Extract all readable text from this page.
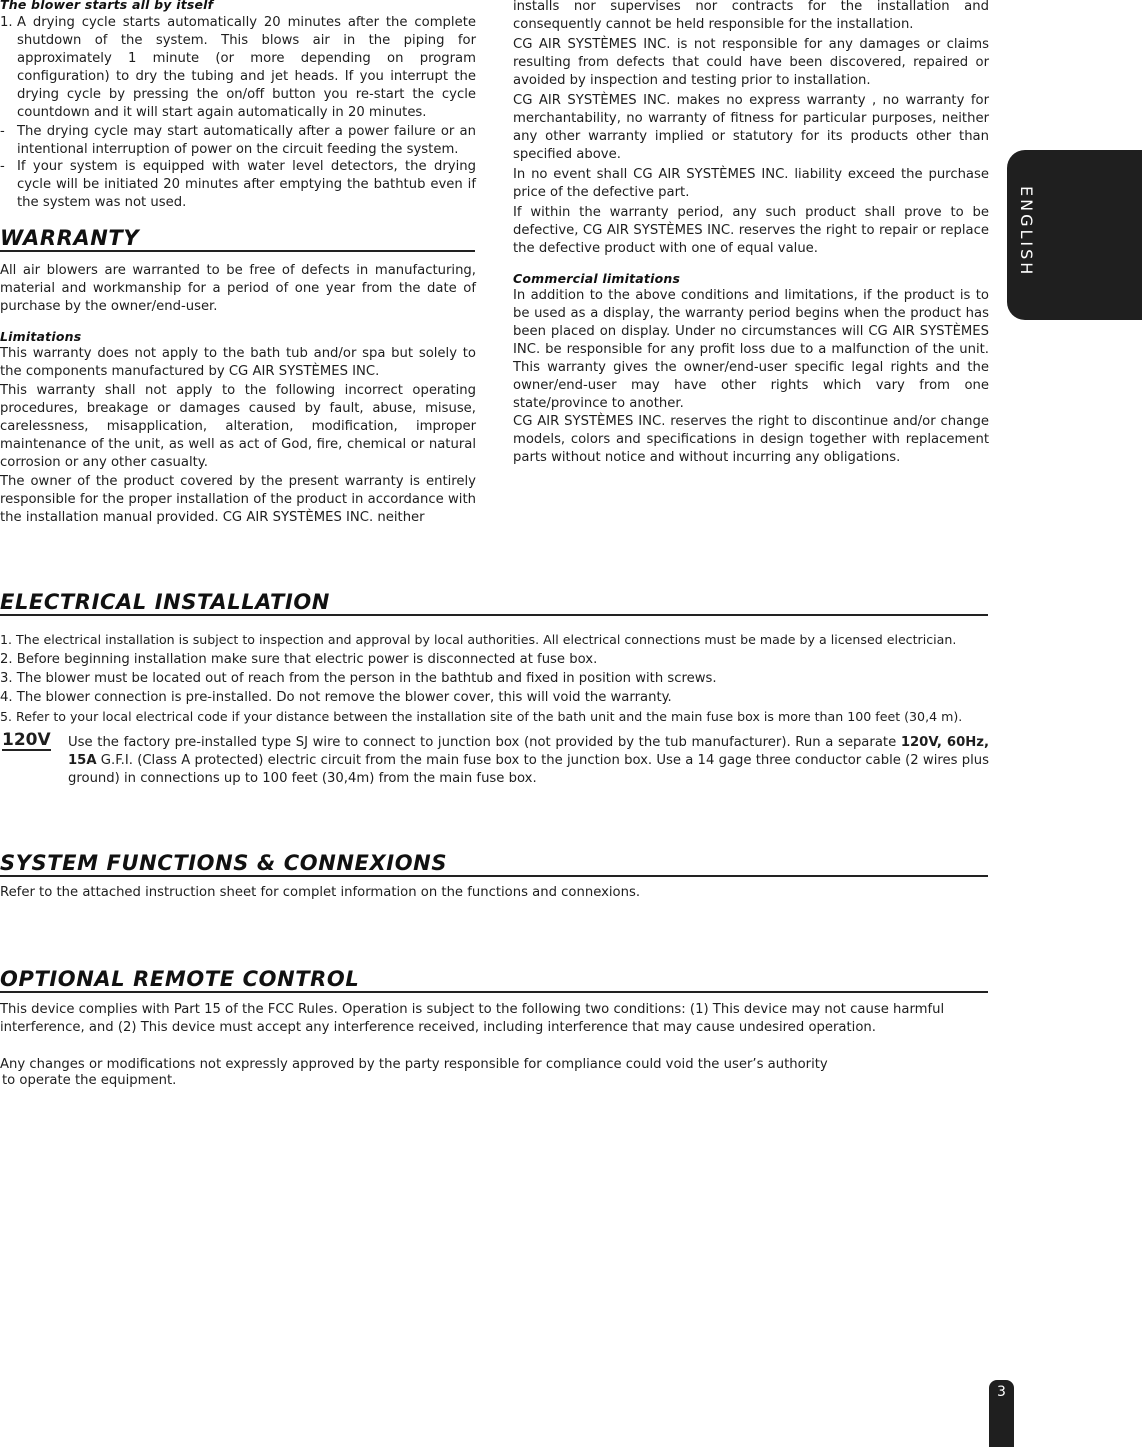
The blower starts all by itself
1. A drying cycle starts automatically 20 minutes after the complete shutdown of the system. This blows air in the piping for approximately 1 minute (or more depending on program configuration) to dry the tubing and jet heads. If you interrupt the drying cycle by pressing the on/off button you re-start the cycle countdown and it will start again automatically in 20 minutes.
- The drying cycle may start automatically after a power failure or an intentional interruption of power on the circuit feeding the system.
- If your system is equipped with water level detectors, the drying cycle will be initiated 20 minutes after emptying the bathtub even if the system was not used.
WARRANTY

All air blowers are warranted to be free of defects in manufacturing, material and workmanship for a period of one year from the date of purchase by the owner/end-user.

Limitations

This warranty does not apply to the bath tub and/or spa but solely to the components manufactured by CG AIR SYSTÈMES INC.

This warranty shall not apply to the following incorrect operating procedures, breakage or damages caused by fault, abuse, misuse, carelessness, misapplication, alteration, modification, improper maintenance of the unit, as well as act of God, fire, chemical or natural corrosion or any other casualty.

The owner of the product covered by the present warranty is entirely responsible for the proper installation of the product in accordance with the installation manual provided. CG AIR SYSTÈMES INC. neither

installs nor supervises nor contracts for the installation and consequently cannot be held responsible for the installation.

CG AIR SYSTÈMES INC. is not responsible for any damages or claims resulting from defects that could have been discovered, repaired or avoided by inspection and testing prior to installation.

CG AIR SYSTÈMES INC. makes no express warranty , no warranty for merchantability, no warranty of fitness for particular purposes, neither any other warranty implied or statutory for its products other than specified above.

In no event shall CG AIR SYSTÈMES INC. liability exceed the purchase price of the defective part.

If within the warranty period, any such product shall prove to be defective, CG AIR SYSTÈMES INC. reserves the right to repair or replace the defective product with one of equal value.

Commercial limitations

In addition to the above conditions and limitations, if the product is to be used as a display, the warranty period begins when the product has been placed on display. Under no circumstances will CG AIR SYSTÈMES INC. be responsible for any profit loss due to a malfunction of the unit. This warranty gives the owner/end-user specific legal rights and the owner/end-user may have other rights which vary from one state/province to another.

CG AIR SYSTÈMES INC. reserves the right to discontinue and/or change models, colors and specifications in design together with replacement parts without notice and without incurring any obligations.

ELECTRICAL INSTALLATION
1. The electrical installation is subject to inspection and approval by local authorities. All electrical connections must be made by a licensed electrician.
2. Before beginning installation make sure that electric power is disconnected at fuse box.
3. The blower must be located out of reach from the person in the bathtub and fixed in position with screws.
4. The blower connection is pre-installed. Do not remove the blower cover, this will void the warranty.
5. Refer to your local electrical code if your distance between the installation site of the bath unit and the main fuse box is more than 100 feet (30,4 m).
120V Use the factory pre-installed type SJ wire to connect to junction box (not provided by the tub manufacturer). Run a separate 120V, 60Hz, 15A G.F.I. (Class A protected) electric circuit from the main fuse box to the junction box. Use a 14 gage three conductor cable (2 wires plus ground) in connections up to 100 feet (30,4m) from the main fuse box.

SYSTEM FUNCTIONS & CONNEXIONS

Refer to the attached instruction sheet for complet information on the functions and connexions.

OPTIONAL REMOTE CONTROL

This device complies with Part 15 of the FCC Rules. Operation is subject to the following two conditions: (1) This device may not cause harmful interference, and (2) This device must accept any interference received, including interference that may cause undesired operation.

Any changes or modifications not expressly approved by the party responsible for compliance could void the user’s authority
to operate the equipment.
ENGLISH
3
